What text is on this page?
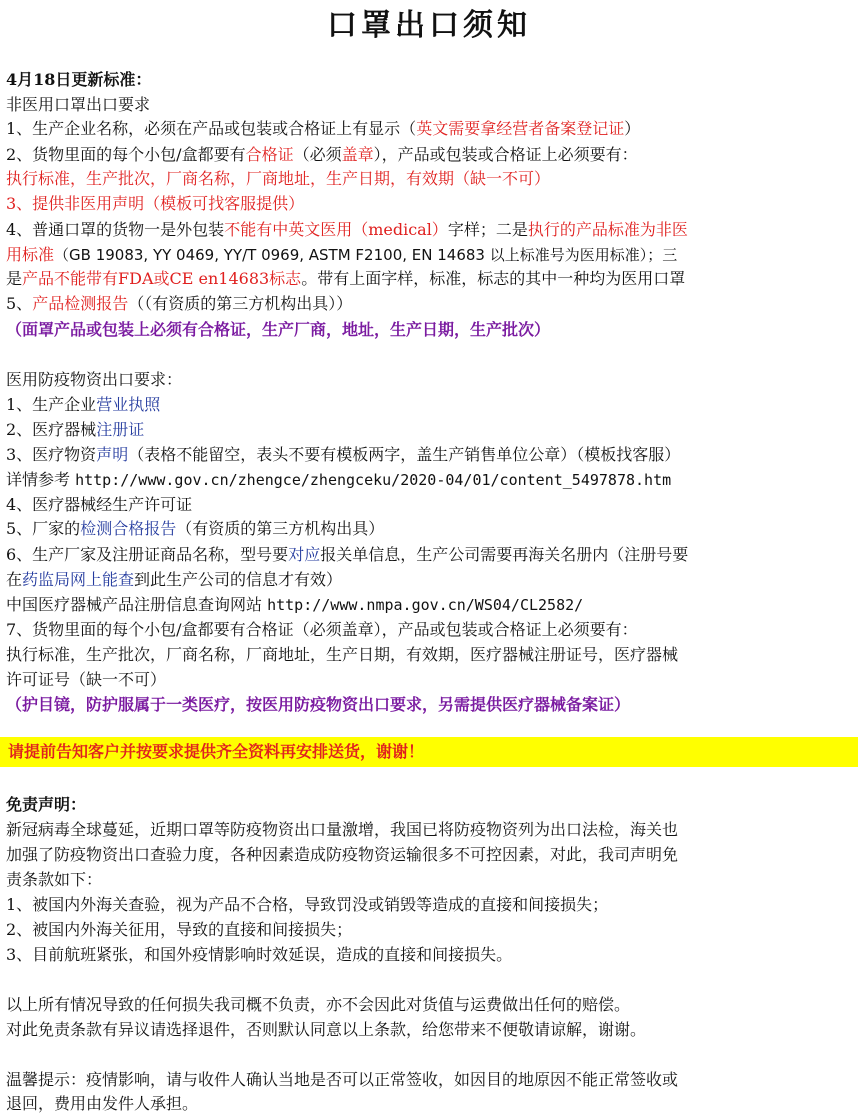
口罩出口须知
4月18日更新标准：
非医用口罩出口要求
1、生产企业名称，必须在产品或包装或合格证上有显示（英文需要拿经营者备案登记证）
2、货物里面的每个小包/盒都要有合格证（必须盖章），产品或包装或合格证上必须要有：
执行标准，生产批次，厂商名称，厂商地址，生产日期，有效期（缺一不可）
3、提供非医用声明（模板可找客服提供）
4、普通口罩的货物一是外包装不能有中英文医用（medical）字样；二是执行的产品标准为非医
用标准（GB 19083, YY 0469, YY/T 0969, ASTM F2100, EN 14683 以上标准号为医用标准）；三
是产品不能带有FDA或CE en14683标志。带有上面字样，标准，标志的其中一种均为医用口罩
5、产品检测报告（（有资质的第三方机构出具））
（面罩产品或包装上必须有合格证，生产厂商，地址，生产日期，生产批次）
医用防疫物资出口要求：
1、生产企业营业执照
2、医疗器械注册证
3、医疗物资声明（表格不能留空，表头不要有模板两字，盖生产销售单位公章）（模板找客服）
详情参考 http://www.gov.cn/zhengce/zhengceku/2020-04/01/content_5497878.htm
4、医疗器械经生产许可证
5、厂家的检测合格报告（有资质的第三方机构出具）
6、生产厂家及注册证商品名称，型号要对应报关单信息，生产公司需要再海关名册内（注册号要
在药监局网上能查到此生产公司的信息才有效）
中国医疗器械产品注册信息查询网站 http://www.nmpa.gov.cn/WS04/CL2582/
7、货物里面的每个小包/盒都要有合格证（必须盖章），产品或包装或合格证上必须要有：
执行标准，生产批次，厂商名称，厂商地址，生产日期，有效期，医疗器械注册证号，医疗器械
许可证号（缺一不可）
（护目镜，防护服属于一类医疗，按医用防疫物资出口要求，另需提供医疗器械备案证）
请提前告知客户并按要求提供齐全资料再安排送货，谢谢！
免责声明：
新冠病毒全球蔓延，近期口罩等防疫物资出口量激增，我国已将防疫物资列为出口法检，海关也
加强了防疫物资出口查验力度，各种因素造成防疫物资运输很多不可控因素，对此，我司声明免
责条款如下：
1、被国内外海关查验，视为产品不合格，导致罚没或销毁等造成的直接和间接损失；
2、被国内外海关征用，导致的直接和间接损失；
3、目前航班紧张，和国外疫情影响时效延误，造成的直接和间接损失。
以上所有情况导致的任何损失我司概不负责，亦不会因此对货值与运费做出任何的赔偿。
对此免责条款有异议请选择退件，否则默认同意以上条款，给您带来不便敬请谅解，谢谢。
温馨提示：疫情影响，请与收件人确认当地是否可以正常签收，如因目的地原因不能正常签收或
退回，费用由发件人承担。
